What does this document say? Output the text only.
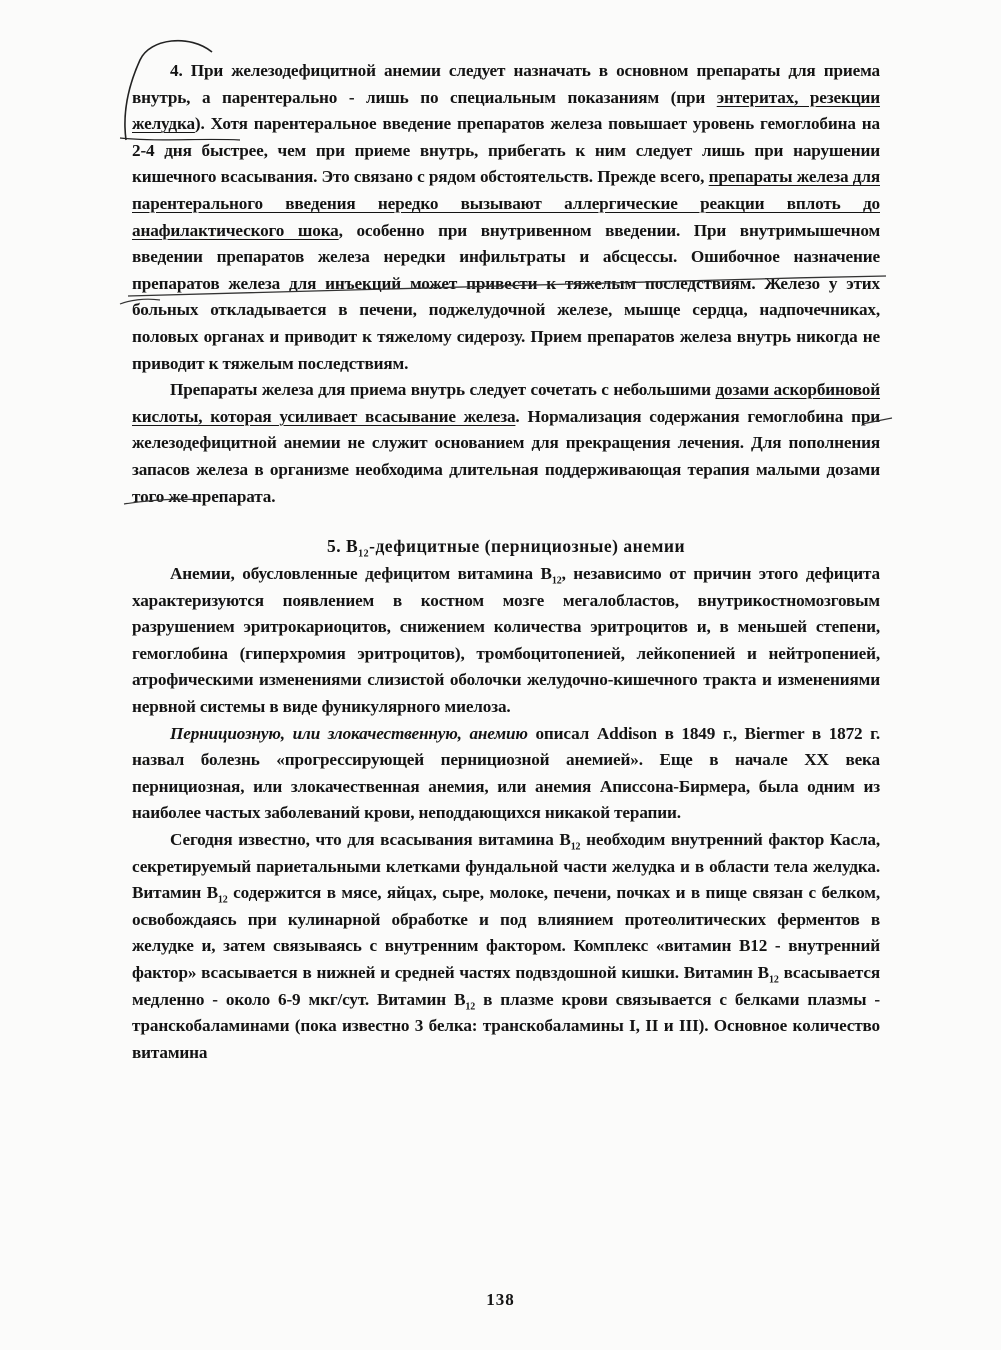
4. При железодефицитной анемии следует назначать в основном препараты для приема внутрь, а парентерально - лишь по специальным показаниям (при энтеритах, резекции желудка). Хотя парентеральное введение препаратов железа повышает уровень гемоглобина на 2-4 дня быстрее, чем при приеме внутрь, прибегать к ним следует лишь при нарушении кишечного всасывания. Это связано с рядом обстоятельств. Прежде всего, препараты железа для парентерального введения нередко вызывают аллергические реакции вплоть до анафилактического шока, особенно при внутривенном введении. При внутримышечном введении препаратов железа нередки инфильтраты и абсцессы. Ошибочное назначение препаратов железа для инъекций может привести к тяжелым последствиям. Железо у этих больных откладывается в печени, поджелудочной железе, мышце сердца, надпочечниках, половых органах и приводит к тяжелому сидерозу. Прием препаратов железа внутрь никогда не приводит к тяжелым последствиям.

Препараты железа для приема внутрь следует сочетать с небольшими дозами аскорбиновой кислоты, которая усиливает всасывание железа. Нормализация содержания гемоглобина при железодефицитной анемии не служит основанием для прекращения лечения. Для пополнения запасов железа в организме необходима длительная поддерживающая терапия малыми дозами того же препарата.

5. $В_{12}$-дефицитные (пернициозные) анемии

Анемии, обусловленные дефицитом витамина $В_{12}$, независимо от причин этого дефицита характеризуются появлением в костном мозге мегалобластов, внутрикостномозговым разрушением эритрокариоцитов, снижением количества эритроцитов и, в меньшей степени, гемоглобина (гиперхромия эритроцитов), тромбоцитопенией, лейкопенией и нейтропенией, атрофическими изменениями слизистой оболочки желудочно-кишечного тракта и изменениями нервной системы в виде фуникулярного миелоза.

Пернициозную, или злокачественную, анемию описал Addison в 1849 г., Biermer в 1872 г. назвал болезнь «прогрессирующей пернициозной анемией». Еще в начале XX века пернициозная, или злокачественная анемия, или анемия Аписсона-Бирмера, была одним из наиболее частых заболеваний крови, неподдающихся никакой терапии.

Сегодня известно, что для всасывания витамина $В_{12}$ необходим внутренний фактор Касла, секретируемый париетальными клетками фундальной части желудка и в области тела желудка. Витамин $В_{12}$ содержится в мясе, яйцах, сыре, молоке, печени, почках и в пище связан с белком, освобождаясь при кулинарной обработке и под влиянием протеолитических ферментов в желудке и, затем связываясь с внутренним фактором. Комплекс «витамин В12 - внутренний фактор» всасывается в нижней и средней частях подвздошной кишки. Витамин $В_{12}$ всасывается медленно - около 6-9 мкг/сут. Витамин $В_{12}$ в плазме крови связывается с белками плазмы - транскобаламинами (пока известно 3 белка: транскобаламины I, II и III). Основное количество витамина

138
